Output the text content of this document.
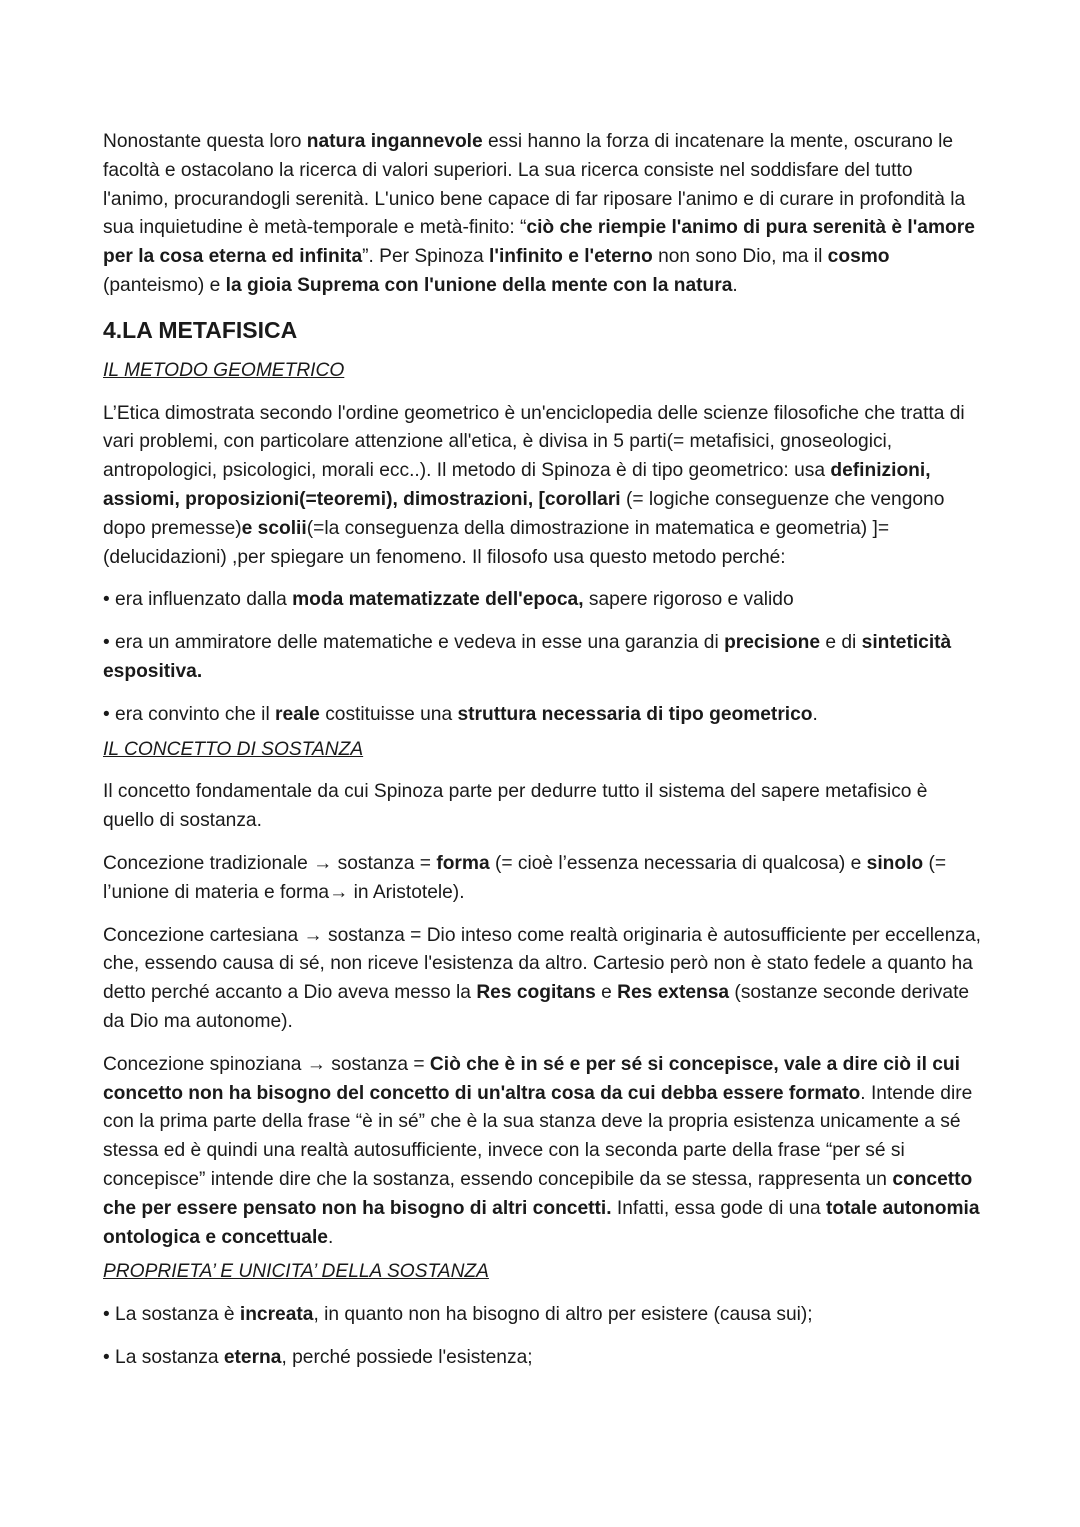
Nonostante questa loro natura ingannevole essi hanno la forza di incatenare la mente, oscurano le facoltà e ostacolano la ricerca di valori superiori. La sua ricerca consiste nel soddisfare del tutto l'animo, procurandogli serenità. L'unico bene capace di far riposare l'animo e di curare in profondità la sua inquietudine è metà-temporale e metà-finito: “ciò che riempie l'animo di pura serenità è l'amore per la cosa eterna ed infinita”. Per Spinoza l'infinito e l'eterno non sono Dio, ma il cosmo (panteismo) e la gioia Suprema con l'unione della mente con la natura.

4.LA METAFISICA
IL METODO GEOMETRICO

L’Etica dimostrata secondo l'ordine geometrico è un'enciclopedia delle scienze filosofiche che tratta di vari problemi, con particolare attenzione all'etica, è divisa in 5 parti(= metafisici, gnoseologici, antropologici, psicologici, morali ecc..). Il metodo di Spinoza è di tipo geometrico: usa definizioni, assiomi, proposizioni(=teoremi), dimostrazioni, [corollari (= logiche conseguenze che vengono dopo premesse)e scolii(=la conseguenza della dimostrazione in matematica e geometria) ]=(delucidazioni) ,per spiegare un fenomeno. Il filosofo usa questo metodo perché:

• era influenzato dalla moda matematizzate dell'epoca, sapere rigoroso e valido

• era un ammiratore delle matematiche e vedeva in esse una garanzia di precisione e di sinteticità espositiva.

• era convinto che il reale costituisse una struttura necessaria di tipo geometrico.

IL CONCETTO DI SOSTANZA

Il concetto fondamentale da cui Spinoza parte per dedurre tutto il sistema del sapere metafisico è quello di sostanza.

Concezione tradizionale → sostanza = forma (= cioè l’essenza necessaria di qualcosa) e sinolo (= l’unione di materia e forma→ in Aristotele).

Concezione cartesiana → sostanza = Dio inteso come realtà originaria è autosufficiente per eccellenza, che, essendo causa di sé, non riceve l'esistenza da altro. Cartesio però non è stato fedele a quanto ha detto perché accanto a Dio aveva messo la Res cogitans e Res extensa (sostanze seconde derivate da Dio ma autonome).

Concezione spinoziana → sostanza = Ciò che è in sé e per sé si concepisce, vale a dire ciò il cui concetto non ha bisogno del concetto di un'altra cosa da cui debba essere formato. Intende dire con la prima parte della frase “è in sé” che è la sua stanza deve la propria esistenza unicamente a sé stessa ed è quindi una realtà autosufficiente, invece con la seconda parte della frase “per sé si concepisce” intende dire che la sostanza, essendo concepibile da se stessa, rappresenta un concetto che per essere pensato non ha bisogno di altri concetti. Infatti, essa gode di una totale autonomia ontologica e concettuale.

PROPRIETA’ E UNICITA’ DELLA SOSTANZA

• La sostanza è increata, in quanto non ha bisogno di altro per esistere (causa sui);

• La sostanza eterna, perché possiede l'esistenza;
